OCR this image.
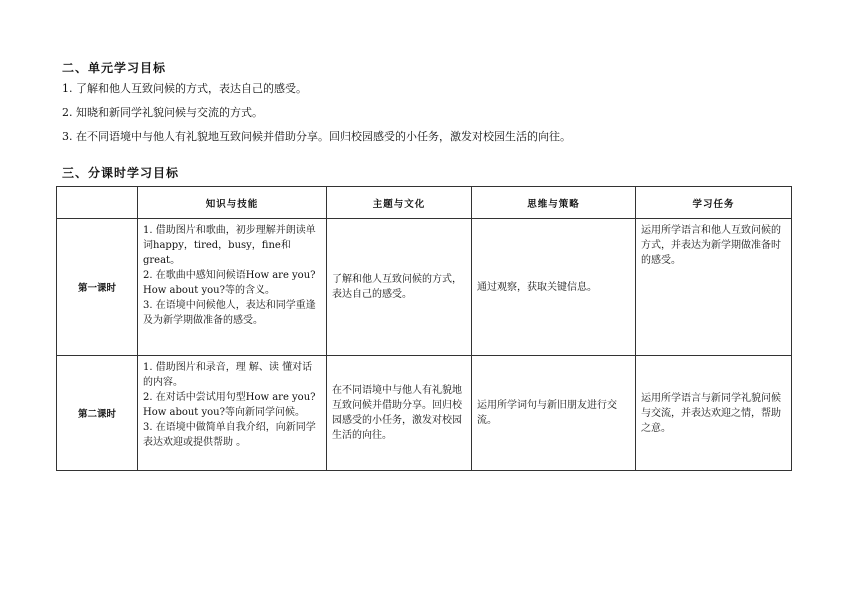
二、单元学习目标

1. 了解和他人互致问候的方式，表达自己的感受。

2. 知晓和新同学礼貌问候与交流的方式。

3. 在不同语境中与他人有礼貌地互致问候并借助分享。回归校园感受的小任务，激发对校园生活的向往。

三、分课时学习目标
	知识与技能	主题与文化	思维与策略	学习任务
第一课时	1. 借助图片和歌曲，初步理解并朗读单词happy，tired，busy，fine和great。

2. 在歌曲中感知问候语How are you?How about you?等的含义。

3. 在语境中问候他人，表达和同学重逢及为新学期做准备的感受。	了解和他人互致问候的方式，表达自己的感受。	通过观察，获取关键信息。	运用所学语言和他人互致问候的方式，并表达为新学期做准备时的感受。
第二课时	1. 借助图片和录音，理 解、读 懂对话的内容。

2. 在对话中尝试用句型How are you?How about you?等向新同学问候。

3. 在语境中做简单自我介绍，向新同学表达欢迎或提供帮助 。	在不同语境中与他人有礼貌地互致问候并借助分享。回归校园感受的小任务，激发对校园生活的向往。	运用所学词句与新旧朋友进行交流。	运用所学语言与新同学礼貌问候与交流，并表达欢迎之情，帮助之意。
